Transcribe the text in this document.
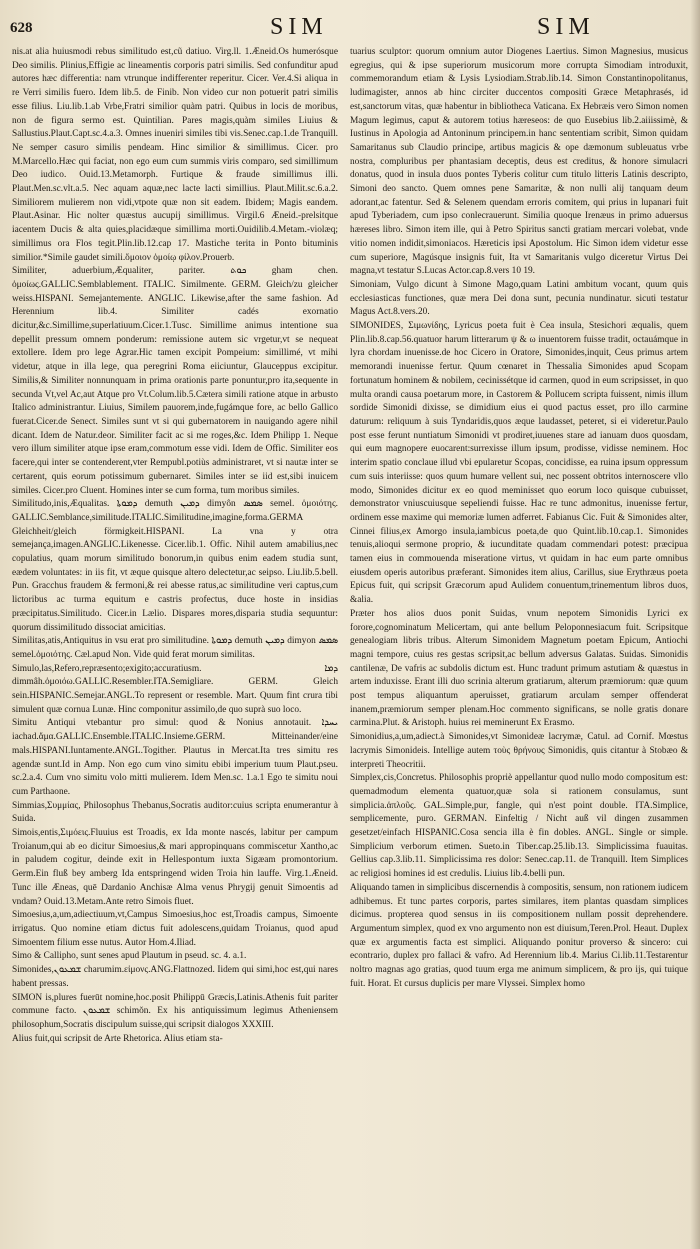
628	SIM	SIM

nis.at alia huiusmodi rebus similitudo est,cũ datiuo. Virg.ll. 1.Æneid.Os humerósque Deo similis. Plinius,Effigie ac lineamentis corporis patri similis. Sed confunditur apud autores hæc differentia: nam vtrunque indifferenter reperitur. Cicer. Ver.4.Si aliqua in re Verri similis fuero. Idem lib.5. de Finib. Non video cur non potuerit patri similis esse filius. Liu.lib.1.ab Vrbe,Fratri similior quàm patri. Quibus in locis de moribus, non de figura sermo est. Quintilian. Pares magis,quàm similes Liuius & Sallustius.Plaut.Capt.sc.4.a.3. Omnes inueniri similes tibi vis.Senec.cap.1.de Tranquill. Ne semper casuro similis pendeam. Hinc similior & simillimus. Cicer. pro M.Marcello.Hæc qui faciat, non ego eum cum summis viris comparo, sed simillimum Deo iudico. Ouid.13.Metamorph. Furtique & fraude simillimus illi. Plaut.Men.sc.vlt.a.5. Nec aquam aquæ,nec lacte lacti simillius. Plaut.Milit.sc.6.a.2. Similiorem mulierem non vidi,vtpote quæ non sit eadem. Ibidem; Magis eandem. Plaut.Asinar. Hic nolter quæstus aucupij simillimus. Virgil.6 Æneid.-prelsitque iacentem Ducis & alta quies,placidæque simillima morti.Ouidilib.4.Metam.-violæq; simillimus ora Flos tegit.Plin.lib.12.cap 17. Mastiche terita in Ponto bituminis similior.*Simile gaudet simili.ὅμοιον ὁμοίῳ φίλον.Prouerb.

Similiter, aduerbium,Æqualiter, pariter. ܟܘܬ gham chen. ὁμοίως.GALLIC.Semblablement. ITALIC. Similmente. GERM. Gleich/zu gleicher weiss.HISPANI. Semejantemente. ANGLIC. Likewise,after the same fashion. Ad Herennium lib.4. Similiter cadés exornatio dicitur,&c.Simillime,superlatiuum.Cicer.1.Tusc. Simillime animus intentione sua depellit pressum omnem ponderum: remissione autem sic vrgetur,vt se nequeat extollere. Idem pro lege Agrar.Hic tamen excipit Pompeium: simillimé, vt mihi videtur, atque in illa lege, qua peregrini Roma eiiciuntur, Glauceppus excipitur. Similis,& Similiter nonnunquam in prima orationis parte ponuntur,pro ita,sequente in secunda Vt,vel Ac,aut Atque pro Vt.Colum.lib.5.Cætera simili ratione atque in arbusto Italico administrantur. Liuius, Similem pauorem,inde,fugámque fore, ac bello Gallico fuerat.Cicer.de Senect. Similes sunt vt si qui gubernatorem in nauigando agere nihil dicant. Idem de Natur.deor. Similiter facit ac si me roges,&c. Idem Philipp 1. Neque vero illum similiter atque ipse eram,commotum esse vidi. Idem de Offic. Similiter eos facere,qui inter se contenderent,vter Rempubl.potiùs administraret, vt si nautæ inter se certarent, quis eorum potissimum gubernaret. Similes inter se iid est,sibi inuicem similes. Cicer.pro Cluent. Homines inter se cum forma, tum moribus similes.

Similitudo,inis,Æqualitas. ܕܡܘܬܐ demuth ܕܡܝܢ dimyôn ܣܡܣ semel. ὁμοιότης. GALLIC.Semblance,similitude.ITALIC.Similitudine,imagine,forma.GERMA Gleichheit/gleich förmigkeit.HISPANI. La vna y otra semejança,imagen.ANGLIC.Likenesse. Cicer.lib.1. Offic. Nihil autem amabilius,nec copulatius, quam morum similitudo bonorum,in quibus enim eadem studia sunt, eædem voluntates: in iis fit, vt æque quisque altero delectetur,ac seipso. Liu.lib.5.bell. Pun. Gracchus fraudem & fermoni,& rei abesse ratus,ac similitudine veri captus,cum lictoribus ac turma equitum e castris profectus, duce hoste in insidias præcipitatus.Similitudo. Cicer.in Lælio. Dispares mores,disparia studia sequuntur: quorum dissimilitudo dissociat amicitias.

Similitas,atis,Antiquitus in vsu erat pro similitudine. ܕܡܘܬܐ demuth ܕܡܝܢ dimyon ܣܡܣ semel.ὁμοιότης. Cæl.apud Non. Vide quid ferat morum similitas.

Simulo,las,Refero,repræsento;exigito;accuratiusm. ܕܡܐ dimmâh.ὁμοιόω.GALLIC.Resembler.ITA.Semigliare. GERM. Gleich sein.HISPANIC.Semejar.ANGL.To represent or resemble. Mart. Quum fint crura tibi simulent quæ cornua Lunæ. Hinc componitur assimilo,de quo suprà suo loco.

Simitu Antiqui vtebantur pro simul: quod & Nonius annotauit. ܝܚܕܐ iachad.ἅμα.GALLIC.Ensemble.ITALIC.Insieme.GERM. Mitteinander/eine mals.HISPANI.Iuntamente.ANGL.Togither. Plautus in Mercat.Ita tres simitu res agendæ sunt.Id in Amp. Non ego cum vino simitu ebibi imperium tuum Plaut.pseu. sc.2.a.4. Cum vno simitu volo mitti mulierem. Idem Men.sc. 1.a.1 Ego te simitu noui cum Parthaone.

Simmias,Συμμίας, Philosophus Thebanus,Socratis auditor:cuius scripta enumerantur à Suida.

Simois,entis,Σιμόεις.Fluuius est Troadis, ex Ida monte nascés, labitur per campum Troianum,qui ab eo dicitur Simoesius,& mari appropinquans commiscetur Xantho,ac in paludem cogitur, deinde exit in Hellespontum iuxta Sigæam promontorium. Germ.Ein fluß bey amberg Ida entspringend widen Troia hin lauffe. Virg.1.Æneid. Tunc ille Æneas, quē Dardanio Anchisæ Alma venus Phrygij genuit Simoentis ad vndam? Ouid.13.Metam.Ante retro Simois fluet.

Simoesius,a,um,adiectiuum,vt,Campus Simoesius,hoc est,Troadis campus, Simoente irrigatus. Quo nomine etiam dictus fuit adolescens,quidam Troianus, quod apud Simoentem filium esse nutus. Autor Hom.4.Iliad.

Simo & Callipho, sunt senes apud Plautum in pseud. sc. 4. a.1.

Simonides,ܫܡܥܘܢ charumim.εἰμονς.ANG.Flattnozed. Iidem qui simi,hoc est,qui nares habent pressas.

SIMON is,plures fuerūt nomine,hoc.posit Philippū Græcis,Latinis.Athenis fuit pariter commune facto. ܫܡܥܘܢ schimŏn. Ex his antiquissimum legimus Atheniensem philosophum,Socratis discipulum suisse,qui scripsit dialogos XXXIII.

Alius fuit,qui scripsit de Arte Rhetorica. Alius etiam sta-

tuarius sculptor: quorum omnium autor Diogenes Laertius. Simon Magnesius, musicus egregius, qui & ipse superiorum musicorum more corrupta Simodiam introduxit, commemorandum etiam & Lysis Lysiodiam.Strab.lib.14. Simon Constantinopolitanus, ludimagister, annos ab hinc circiter duccentos compositi Græce Metaphrasés, id est,sanctorum vitas, quæ habentur in bibliotheca Vaticana. Ex Hebræis vero Simon nomen Magum legimus, caput & autorem totius hæreseos: de quo Eusebius lib.2.aiiissimè, & Iustinus in Apologia ad Antoninum principem.in hanc sententiam scribit, Simon quidam Samaritanus sub Claudio principe, artibus magicis & ope dæmonum subleuatus vrbe nostra, compluribus per phantasiam deceptis, deus est creditus, & honore simulacri donatus, quod in insula duos pontes Tyberis colitur cum titulo litteris Latinis descripto, Simoni deo sancto. Quem omnes pene Samaritæ, & non nulli alij tanquam deum adorant,ac fatentur. Sed & Selenem quendam erroris comitem, qui prius in lupanari fuit apud Tyberiadem, cum ipso conlecrauerunt. Similia quoque Irenæus in primo aduersus hæreses libro. Simon item ille, qui à Petro Spiritus sancti gratiam mercari volebat, vnde vitio nomen indidit,simoniacos. Hæreticis ipsi Apostolum. Hic Simon idem videtur esse cum superiore, Magúsque insignis fuit, Ita vt Samaritanis vulgo diceretur Virtus Dei magna,vt testatur S.Lucas Actor.cap.8.vers 10 19.

Simoniam, Vulgo dicunt à Simone Mago,quam Latini ambitum vocant, quum quis ecclesiasticas functiones, quæ mera Dei dona sunt, pecunia nundinatur. sicuti testatur Magus Act.8.vers.20.

SIMONIDES, Σιμωνίδης, Lyricus poeta fuit è Cea insula, Stesichori æqualis, quem Plin.lib.8.cap.56.quatuor harum litterarum ψ & ω inuentorem fuisse tradit, octauámque in lyra chordam inuenisse.de hoc Cicero in Oratore, Simonides,inquit, Ceus primus artem memorandi inuenisse fertur. Quum cœnaret in Thessalia Simonides apud Scopam fortunatum hominem & nobilem, cecinissétque id carmen, quod in eum scripsisset, in quo multa orandi causa poetarum more, in Castorem & Pollucem scripta fuissent, nimis illum sordide Simonidi dixisse, se dimidium eius ei quod pactus esset, pro illo carmine daturum: reliquum à suis Tyndaridis,quos æque laudasset, peteret, si ei videretur.Paulo post esse ferunt nuntiatum Simonidi vt prodiret,iuuenes stare ad ianuam duos quosdam, qui eum magnopere euocarent:surrexisse illum ipsum, prodisse, vidisse neminem. Hoc interim spatio conclaue illud vbi epularetur Scopas, concidisse, ea ruina ipsum oppressum cum suis interiisse: quos quum humare vellent sui, nec possent obtritos internoscere vllo modo, Simonides dicitur ex eo quod meminisset quo eorum loco quisque cubuisset, demonstrator vniuscuiusque sepeliendi fuisse. Hac re tunc admonitus, inuenisse fertur, ordinem esse maxime qui memoriæ lumen adferret. Fabianus Cic. Fuit & Simonides alter, Cinnei filius,ex Amorgo insula,iambicus poeta,de quo Quint.lib.10.cap.1. Simonides tenuis,alioqui sermone proprio, & iucunditate quadam commendari potest: præcipua tamen eius in commouenda miseratione virtus, vt quidam in hac eum parte omnibus eiusdem operis autoribus præferant. Simonides item alius, Carillus, siue Erythræus poeta Epicus fuit, qui scripsit Græcorum apud Aulidem conuentum,trinementum libros duos, &alia.

Præter hos alios duos ponit Suidas, vnum nepotem Simonidis Lyrici ex forore,cognominatum Melicertam, qui ante bellum Peloponnesiacum fuit. Scripsitque genealogiam libris tribus. Alterum Simonidem Magnetum poetam Epicum, Antiochi magni tempore, cuius res gestas scripsit,ac bellum adversus Galatas. Suidas. Simonidis cantilenæ, De vafris ac subdolis dictum est. Hunc tradunt primum astutiam & quæstus in artem induxisse. Erant illi duo scrinia alterum gratiarum, alterum præmiorum: quæ quum post tempus aliquantum aperuisset, gratiarum arculam semper offenderat inanem,præmiorum semper plenam.Hoc commento significans, se nolle gratis donare carmina.Plut. & Aristoph. huius rei meminerunt Ex Erasmo.

Simonidius,a,um,adiect.à Simonides,vt Simonideæ lacrymæ, Catul. ad Cornif. Mœstus lacrymis Simonideis. Intellige autem τοὺς θρήνους Simonidis, quis citantur à Stobæo & interpreti Theocritii.

Simplex,cis,Concretus. Philosophis propriè appellantur quod nullo modo compositum est: quemadmodum elementa quatuor,quæ sola si rationem consulamus, sunt simplicia.ἁπλοῦς. GAL.Simple,pur, fangle, qui n'est point double. ITA.Simplice, semplicemente, puro. GERMAN. Einfeltig / Nicht auß vil dingen zusammen gesetzet/einfach HISPANIC.Cosa sencia illa è fin dobles. ANGL. Single or simple. Simplicium verborum etimen. Sueto.in Tiber.cap.25.lib.13. Simplicissima fuauitas. Gellius cap.3.lib.11. Simplicissima res dolor: Senec.cap.11. de Tranquill. Item Simplices ac religiosi homines id est credulis. Liuius lib.4.belli pun.

Aliquando tamen in simplicibus discernendis à compositis, sensum, non rationem iudicem adhibemus. Et tunc partes corporis, partes similares, item plantas quasdam simplices dicimus. propterea quod sensus in iis compositionem nullam possit deprehendere. Argumentum simplex, quod ex vno argumento non est diuisum,Teren.Prol. Heaut. Duplex quæ ex argumentis facta est simplici. Aliquando ponitur proverso & sincero: cui econtrario, duplex pro fallaci & vafro. Ad Herennium lib.4. Marius Ci.lib.11.Testarentur noltro magnas ago gratias, quod tuum erga me animum simplicem, & pro ijs, qui tuique fuit. Horat. Et cursus duplicis per mare Vlyssei. Simplex homo
